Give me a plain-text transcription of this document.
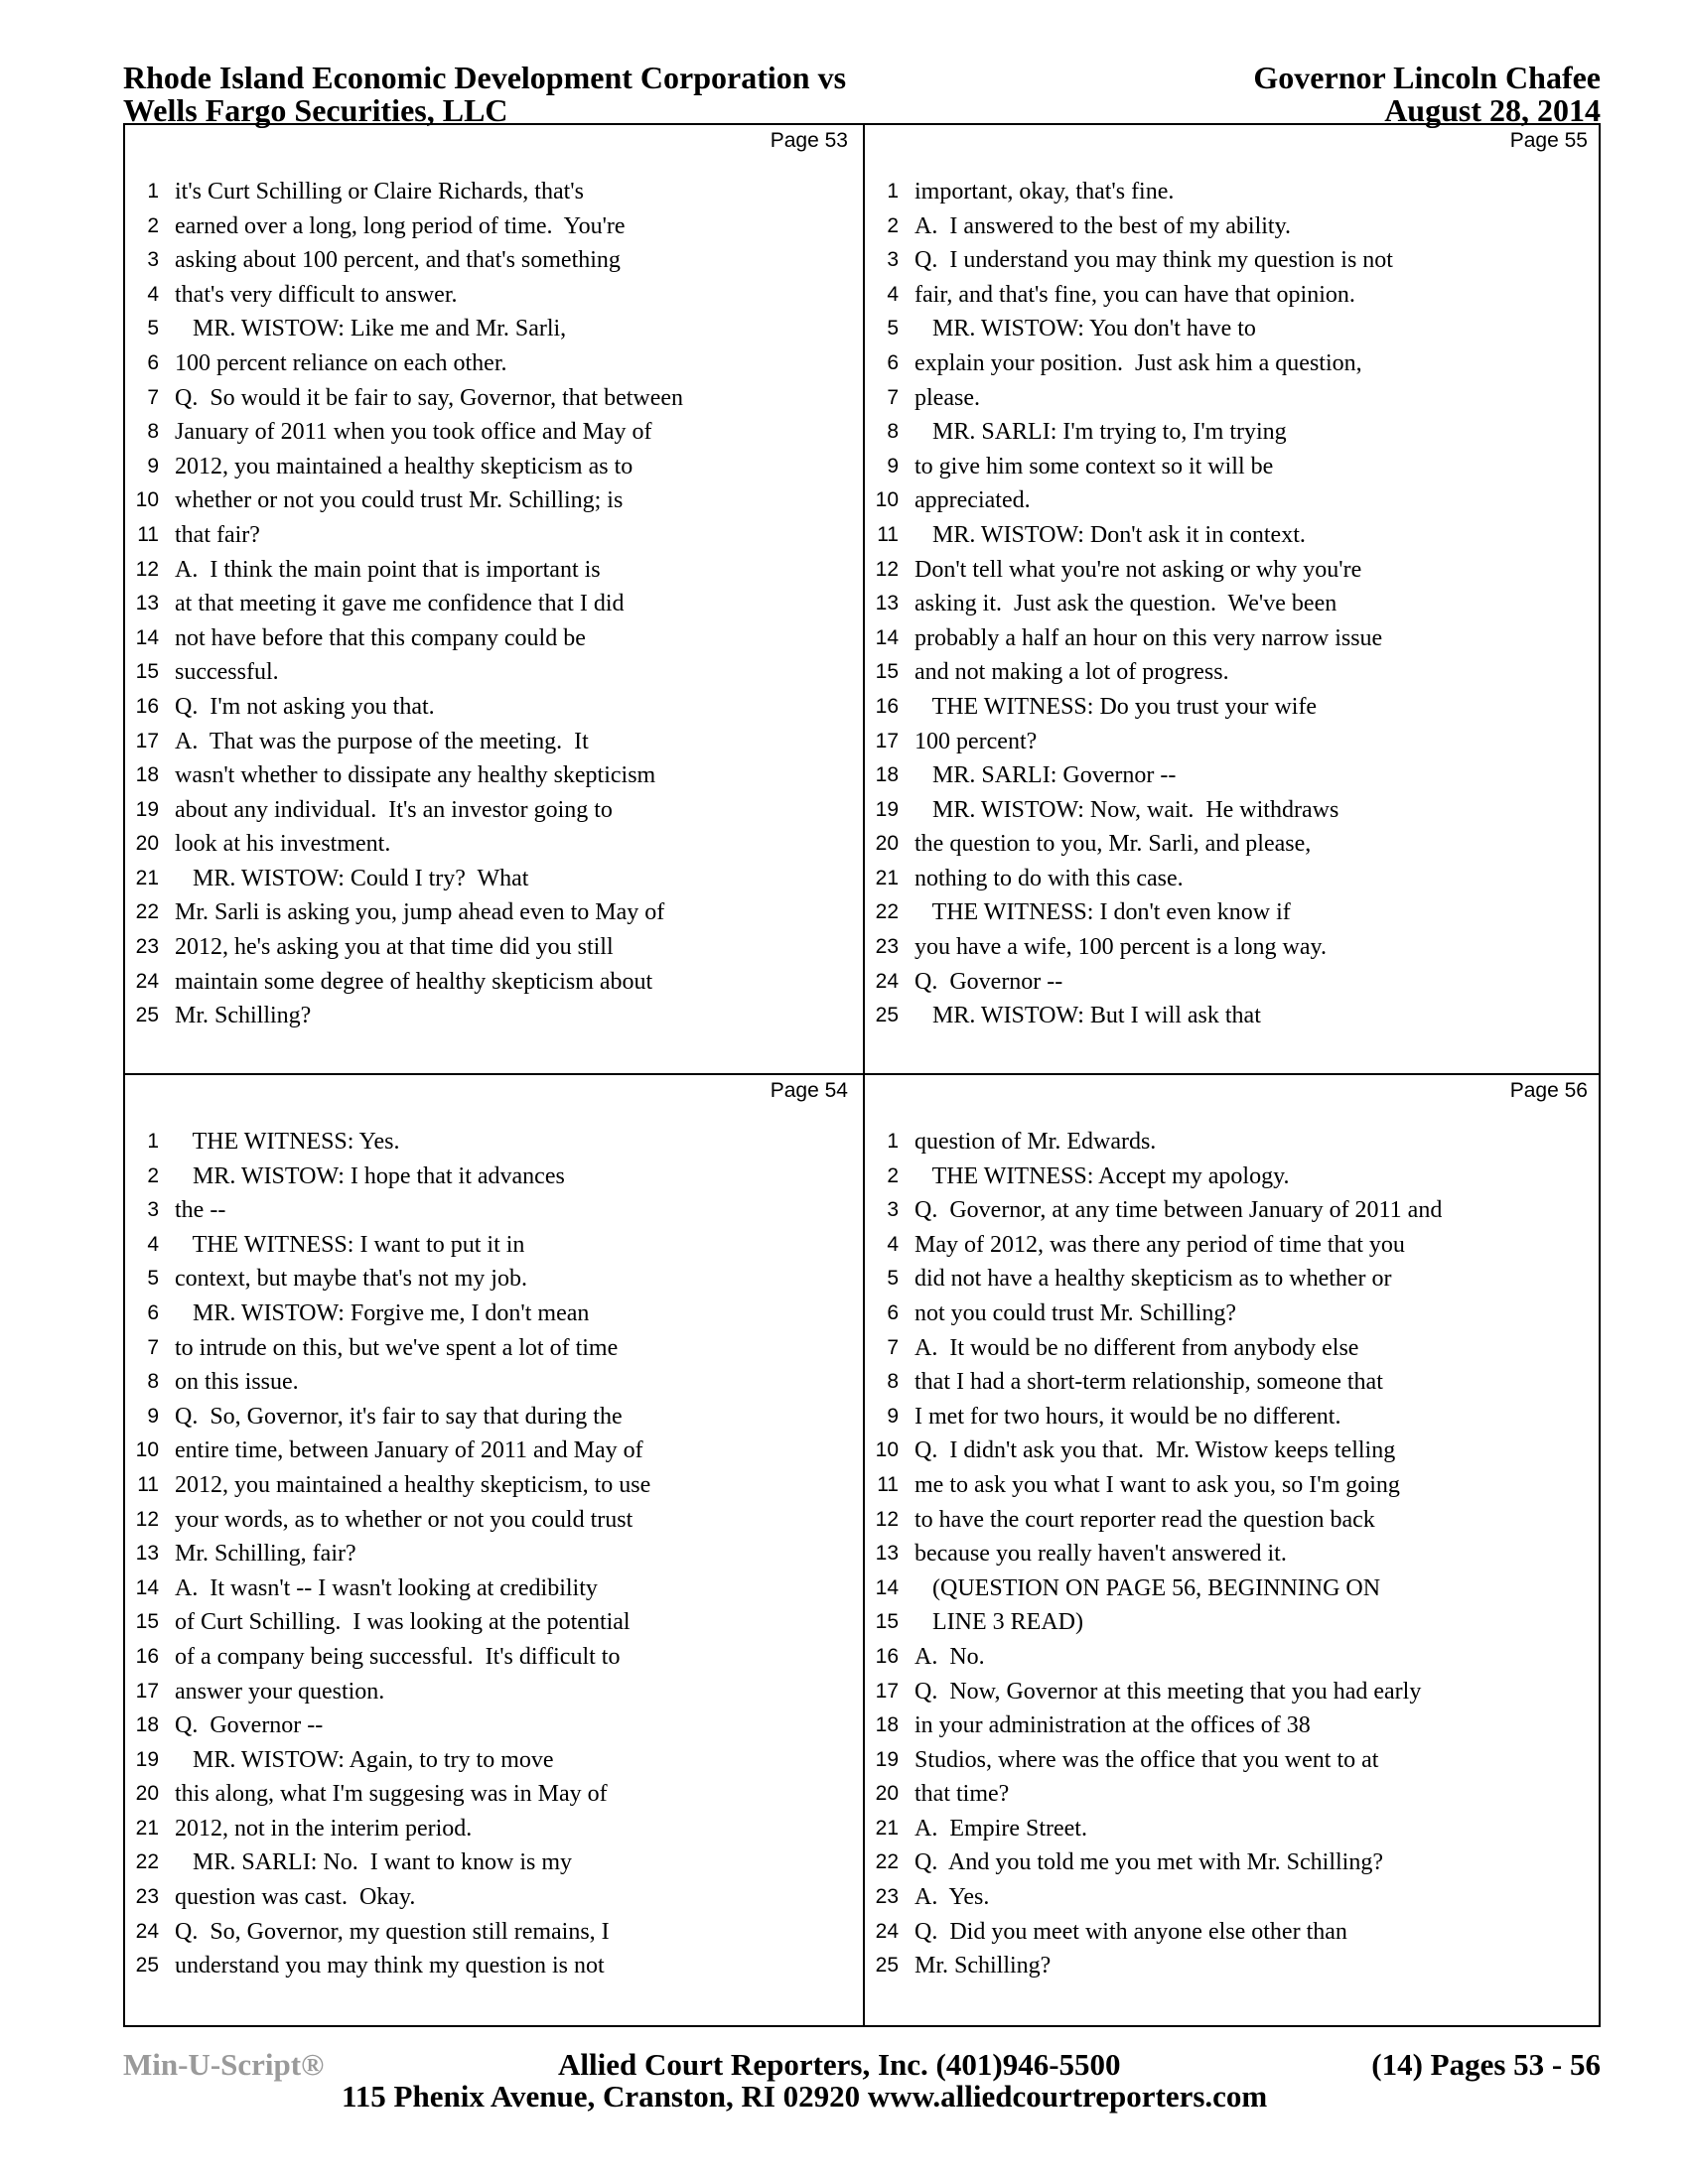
Rhode Island Economic Development Corporation vs
Wells Fargo Securities, LLC
Governor Lincoln Chafee
August 28, 2014
Page 53
1 it's Curt Schilling or Claire Richards, that's
2 earned over a long, long period of time.  You're
3 asking about 100 percent, and that's something
4 that's very difficult to answer.
5 MR. WISTOW: Like me and Mr. Sarli,
6 100 percent reliance on each other.
7 Q.  So would it be fair to say, Governor, that between
8 January of 2011 when you took office and May of
9 2012, you maintained a healthy skepticism as to
10 whether or not you could trust Mr. Schilling; is
11 that fair?
12 A.  I think the main point that is important is
13 at that meeting it gave me confidence that I did
14 not have before that this company could be
15 successful.
16 Q.  I'm not asking you that.
17 A.  That was the purpose of the meeting.  It
18 wasn't whether to dissipate any healthy skepticism
19 about any individual.  It's an investor going to
20 look at his investment.
21 MR. WISTOW: Could I try?  What
22 Mr. Sarli is asking you, jump ahead even to May of
23 2012, he's asking you at that time did you still
24 maintain some degree of healthy skepticism about
25 Mr. Schilling?
Page 55
1 important, okay, that's fine.
2 A.  I answered to the best of my ability.
3 Q.  I understand you may think my question is not
4 fair, and that's fine, you can have that opinion.
5 MR. WISTOW: You don't have to
6 explain your position.  Just ask him a question,
7 please.
8 MR. SARLI: I'm trying to, I'm trying
9 to give him some context so it will be
10 appreciated.
11 MR. WISTOW: Don't ask it in context.
12 Don't tell what you're not asking or why you're
13 asking it.  Just ask the question.  We've been
14 probably a half an hour on this very narrow issue
15 and not making a lot of progress.
16 THE WITNESS: Do you trust your wife
17 100 percent?
18 MR. SARLI: Governor --
19 MR. WISTOW: Now, wait.  He withdraws
20 the question to you, Mr. Sarli, and please,
21 nothing to do with this case.
22 THE WITNESS: I don't even know if
23 you have a wife, 100 percent is a long way.
24 Q.  Governor --
25 MR. WISTOW: But I will ask that
Page 54
1 THE WITNESS: Yes.
2 MR. WISTOW: I hope that it advances
3 the --
4 THE WITNESS: I want to put it in
5 context, but maybe that's not my job.
6 MR. WISTOW: Forgive me, I don't mean
7 to intrude on this, but we've spent a lot of time
8 on this issue.
9 Q.  So, Governor, it's fair to say that during the
10 entire time, between January of 2011 and May of
11 2012, you maintained a healthy skepticism, to use
12 your words, as to whether or not you could trust
13 Mr. Schilling, fair?
14 A.  It wasn't -- I wasn't looking at credibility
15 of Curt Schilling.  I was looking at the potential
16 of a company being successful.  It's difficult to
17 answer your question.
18 Q.  Governor --
19 MR. WISTOW: Again, to try to move
20 this along, what I'm suggesing was in May of
21 2012, not in the interim period.
22 MR. SARLI: No.  I want to know is my
23 question was cast.  Okay.
24 Q.  So, Governor, my question still remains, I
25 understand you may think my question is not
Page 56
1 question of Mr. Edwards.
2 THE WITNESS: Accept my apology.
3 Q.  Governor, at any time between January of 2011 and
4 May of 2012, was there any period of time that you
5 did not have a healthy skepticism as to whether or
6 not you could trust Mr. Schilling?
7 A.  It would be no different from anybody else
8 that I had a short-term relationship, someone that
9 I met for two hours, it would be no different.
10 Q.  I didn't ask you that.  Mr. Wistow keeps telling
11 me to ask you what I want to ask you, so I'm going
12 to have the court reporter read the question back
13 because you really haven't answered it.
14 (QUESTION ON PAGE 56, BEGINNING ON
15 LINE 3 READ)
16 A.  No.
17 Q.  Now, Governor at this meeting that you had early
18 in your administration at the offices of 38
19 Studios, where was the office that you went to at
20 that time?
21 A.  Empire Street.
22 Q.  And you told me you met with Mr. Schilling?
23 A.  Yes.
24 Q.  Did you meet with anyone else other than
25 Mr. Schilling?
Min-U-Script®	Allied Court Reporters, Inc. (401)946-5500	(14) Pages 53 - 56
115 Phenix Avenue, Cranston, RI 02920 www.alliedcourtreporters.com
